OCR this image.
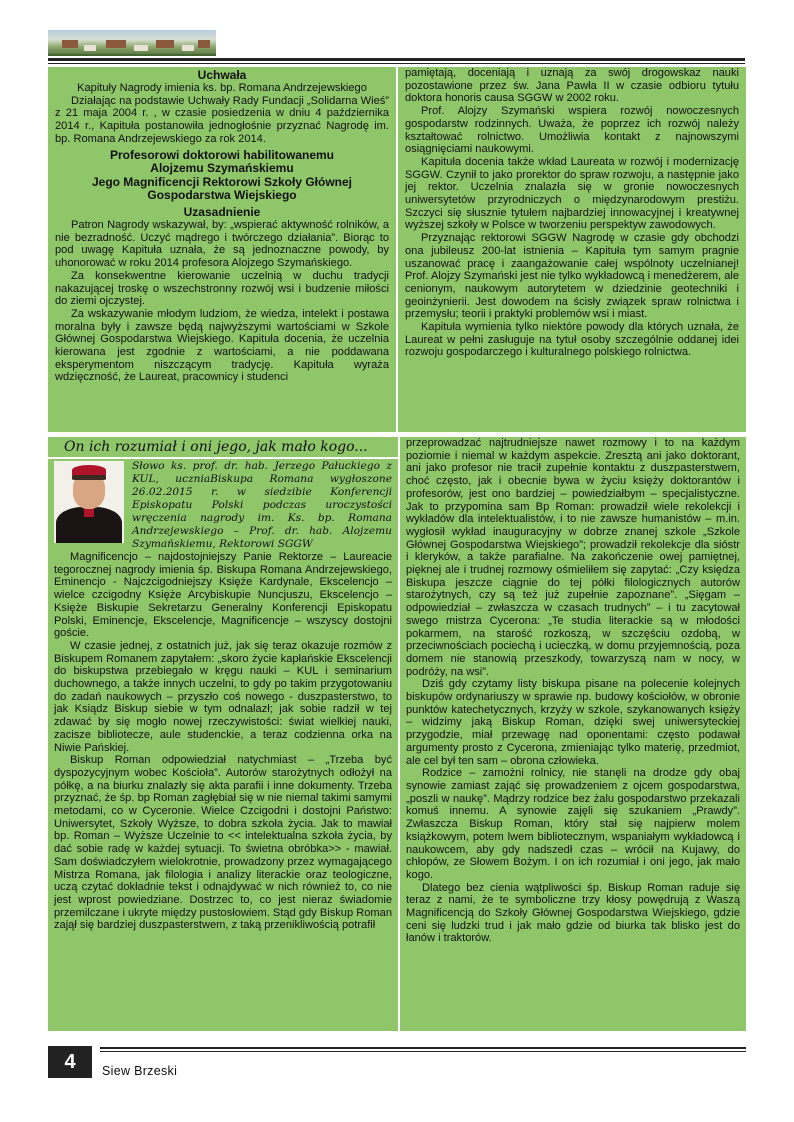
Uchwała
Kapituły Nagrody imienia ks. bp. Romana Andrzejewskiego

Działając na podstawie Uchwały Rady Fundacji „Solidarna Wieś” z 21 maja 2004 r. , w czasie posiedzenia w dniu 4 października 2014 r., Kapituła postanowiła jednogłośnie przyznać Nagrodę im. bp. Romana Andrzejewskiego za rok 2014.

Profesorowi doktorowi habilitowanemu
Alojzemu Szymańskiemu
Jego Magnificencji Rektorowi Szkoły Głównej Gospodarstwa Wiejskiego
Uzasadnienie

Patron Nagrody wskazywał, by: „wspierać aktywność rolników, a nie bezradność. Uczyć mądrego i twórczego działania”. Biorąc to pod uwagę Kapituła uznała, że są jednoznaczne powody, by uhonorować w roku 2014 profesora Alojzego Szymańskiego.

Za konsekwentne kierowanie uczelnią w duchu tradycji nakazującej troskę o wszechstronny rozwój wsi i budzenie miłości do ziemi ojczystej.

Za wskazywanie młodym ludziom, że wiedza, intelekt i postawa moralna były i zawsze będą najwyższymi wartościami w Szkole Głównej Gospodarstwa Wiejskiego. Kapituła docenia, że uczelnia kierowana jest zgodnie z wartościami, a nie poddawana eksperymentom niszczącym tradycję. Kapituła wyraża wdzięczność, że Laureat, pracownicy i studenci

pamiętają, doceniają i uznają za swój drogowskaz nauki pozostawione przez św. Jana Pawła II w czasie odbioru tytułu doktora honoris causa SGGW w 2002 roku.

Prof. Alojzy Szymański wspiera rozwój nowoczesnych gospodarstw rodzinnych. Uważa, że poprzez ich rozwój należy kształtować rolnictwo. Umożliwia kontakt z najnowszymi osiągnięciami naukowymi.

Kapituła docenia także wkład Laureata w rozwój i modernizację SGGW. Czynił to jako prorektor do spraw rozwoju, a następnie jako jej rektor. Uczelnia znalazła się w gronie nowoczesnych uniwersytetów przyrodniczych o międzynarodowym prestiżu. Szczyci się słusznie tytułem najbardziej innowacyjnej i kreatywnej wyższej szkoły w Polsce w tworzeniu perspektyw zawodowych.

Przyznając rektorowi SGGW Nagrodę w czasie gdy obchodzi ona jubileusz 200-lat istnienia – Kapituła tym samym pragnie uszanować pracę i zaangażowanie całej wspólnoty uczelnianej! Prof. Alojzy Szymański jest nie tylko wykładowcą i menedżerem, ale cenionym, naukowym autorytetem w dziedzinie geotechniki i geoinżynierii. Jest dowodem na ścisły związek spraw rolnictwa i przemysłu; teorii i praktyki problemów wsi i miast.

Kapituła wymienia tylko niektóre powody dla których uznała, że Laureat w pełni zasługuje na tytuł osoby szczególnie oddanej idei rozwoju gospodarczego i kulturalnego polskiego rolnictwa.

On ich rozumiał i oni jego, jak mało kogo...
Słowo ks. prof. dr. hab. Jerzego Pałuckiego z KUL, uczniaBiskupa Romana wygłoszone 26.02.2015 r. w siedzibie Konferencji Episkopatu Polski podczas uroczystości wręczenia nagrody im. Ks. bp. Romana Andrzejewskiego – Prof. dr. hab. Alojzemu Szymańskiemu, Rektorowi SGGW

Magnificencjo – najdostojniejszy Panie Rektorze – Laureacie tegorocznej nagrody imienia śp. Biskupa Romana Andrzejewskiego, Eminencjo - Najczcigodniejszy Księże Kardynale, Ekscelencjo – wielce czcigodny Księże Arcybiskupie Nuncjuszu, Ekscelencjo – Księże Biskupie Sekretarzu Generalny Konferencji Episkopatu Polski, Eminencje, Ekscelencje, Magnificencje – wszyscy dostojni goście.

W czasie jednej, z ostatnich już, jak się teraz okazuje rozmów z Biskupem Romanem zapytałem: „skoro życie kapłańskie Ekscelencji do biskupstwa przebiegało w kręgu nauki – KUL i seminarium duchownego, a także innych uczelni, to gdy po takim przygotowaniu do zadań naukowych – przyszło coś nowego - duszpasterstwo, to jak Ksiądz Biskup siebie w tym odnalazł; jak sobie radził w tej zdawać by się mogło nowej rzeczywistości: świat wielkiej nauki, zacisze bibliotecze, aule studenckie, a teraz codzienna orka na Niwie Pańskiej.

Biskup Roman odpowiedział natychmiast – „Trzeba być dyspozycyjnym wobec Kościoła”. Autorów starożytnych odłożył na półkę, a na biurku znalazły się akta parafii i inne dokumenty. Trzeba przyznać, że śp. bp Roman zagłębiał się w nie niemal takimi samymi metodami, co w Cyceronie. Wielce Czcigodni i dostojni Państwo: Uniwersytet, Szkoły Wyższe, to dobra szkoła życia. Jak to mawiał bp. Roman – Wyższe Uczelnie to << intelektualna szkoła życia, by dać sobie radę w każdej sytuacji. To świetna obróbka>> - mawiał. Sam doświadczyłem wielokrotnie, prowadzony przez wymagającego Mistrza Romana, jak filologia i analizy literackie oraz teologiczne, uczą czytać dokładnie tekst i odnajdywać w nich również to, co nie jest wprost powiedziane. Dostrzec to, co jest nieraz świadomie przemilczane i ukryte między pustosłowiem. Stąd gdy Biskup Roman zajął się bardziej duszpasterstwem, z taką przenikliwością potrafił

przeprowadzać najtrudniejsze nawet rozmowy i to na każdym poziomie i niemal w każdym aspekcie. Zresztą ani jako doktorant, ani jako profesor nie tracił zupełnie kontaktu z duszpasterstwem, choć często, jak i obecnie bywa w życiu księży doktorantów i profesorów, jest ono bardziej – powiedziałbym – specjalistyczne. Jak to przypomina sam Bp Roman: prowadził wiele rekolekcji i wykładów dla intelektualistów, i to nie zawsze humanistów – m.in. wygłosił wykład inauguracyjny w dobrze znanej szkole „Szkole Głównej Gospodarstwa Wiejskiego”; prowadził rekolekcje dla sióstr i kleryków, a także parafialne. Na zakończenie owej pamiętnej, pięknej ale i trudnej rozmowy ośmieliłem się zapytać: „Czy księdza Biskupa jeszcze ciągnie do tej półki filologicznych autorów starożytnych, czy są też już zupełnie zapoznane”. „Sięgam – odpowiedział – zwłaszcza w czasach trudnych” – i tu zacytował swego mistrza Cycerona: „Te studia literackie są w młodości pokarmem, na starość rozkoszą, w szczęściu ozdobą, w przeciwnościach pociechą i ucieczką, w domu przyjemnością, poza domem nie stanowią przeszkody, towarzyszą nam w nocy, w podróży, na wsi”.

Dziś gdy czytamy listy biskupa pisane na polecenie kolejnych biskupów ordynariuszy w sprawie np. budowy kościołów, w obronie punktów katechetycznych, krzyży w szkole, szykanowanych księży – widzimy jaką Biskup Roman, dzięki swej uniwersyteckiej przygodzie, miał przewagę nad oponentami: często podawał argumenty prosto z Cycerona, zmieniając tylko materię, przedmiot, ale cel był ten sam – obrona człowieka.

Rodzice – zamożni rolnicy, nie stanęli na drodze gdy obaj synowie zamiast zająć się prowadzeniem z ojcem gospodarstwa, „poszli w naukę”. Mądrzy rodzice bez żalu gospodarstwo przekazali komuś innemu. A synowie zajęli się szukaniem „Prawdy”. Zwłaszcza Biskup Roman, który stał się najpierw molem książkowym, potem lwem bibliotecznym, wspaniałym wykładowcą i naukowcem, aby gdy nadszedł czas – wrócił na Kujawy, do chłopów, ze Słowem Bożym. I on ich rozumiał i oni jego, jak mało kogo.

Dlatego bez cienia wątpliwości śp. Biskup Roman raduje się teraz z nami, że te symboliczne trzy kłosy powędrują z Waszą Magnificencją do Szkoły Głównej Gospodarstwa Wiejskiego, gdzie ceni się ludzki trud i jak mało gdzie od biurka tak blisko jest do łanów i traktorów.

4	Siew Brzeski
